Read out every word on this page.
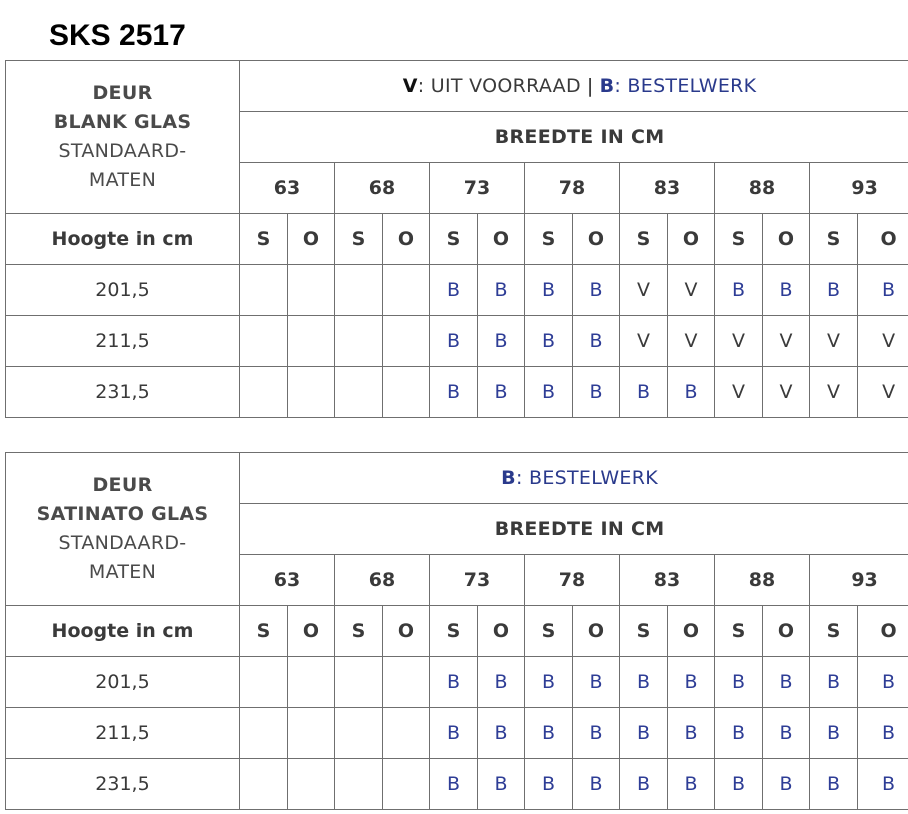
SKS 2517
DEUR
BLANK GLAS
STANDAARD-
MATEN	V: UIT VOORRAAD | B: BESTELWERK													
	BREEDTE IN CM													
	63		68		73		78		83		88		93	
Hoogte in cm	S	O	S	O	S	O	S	O	S	O	S	O	S	O
201,5					B	B	B	B	V	V	B	B	B	B
211,5					B	B	B	B	V	V	V	V	V	V
231,5					B	B	B	B	B	B	V	V	V	V
DEUR
SATINATO GLAS
STANDAARD-
MATEN	B: BESTELWERK													
	BREEDTE IN CM													
	63		68		73		78		83		88		93	
Hoogte in cm	S	O	S	O	S	O	S	O	S	O	S	O	S	O
201,5					B	B	B	B	B	B	B	B	B	B
211,5					B	B	B	B	B	B	B	B	B	B
231,5					B	B	B	B	B	B	B	B	B	B
